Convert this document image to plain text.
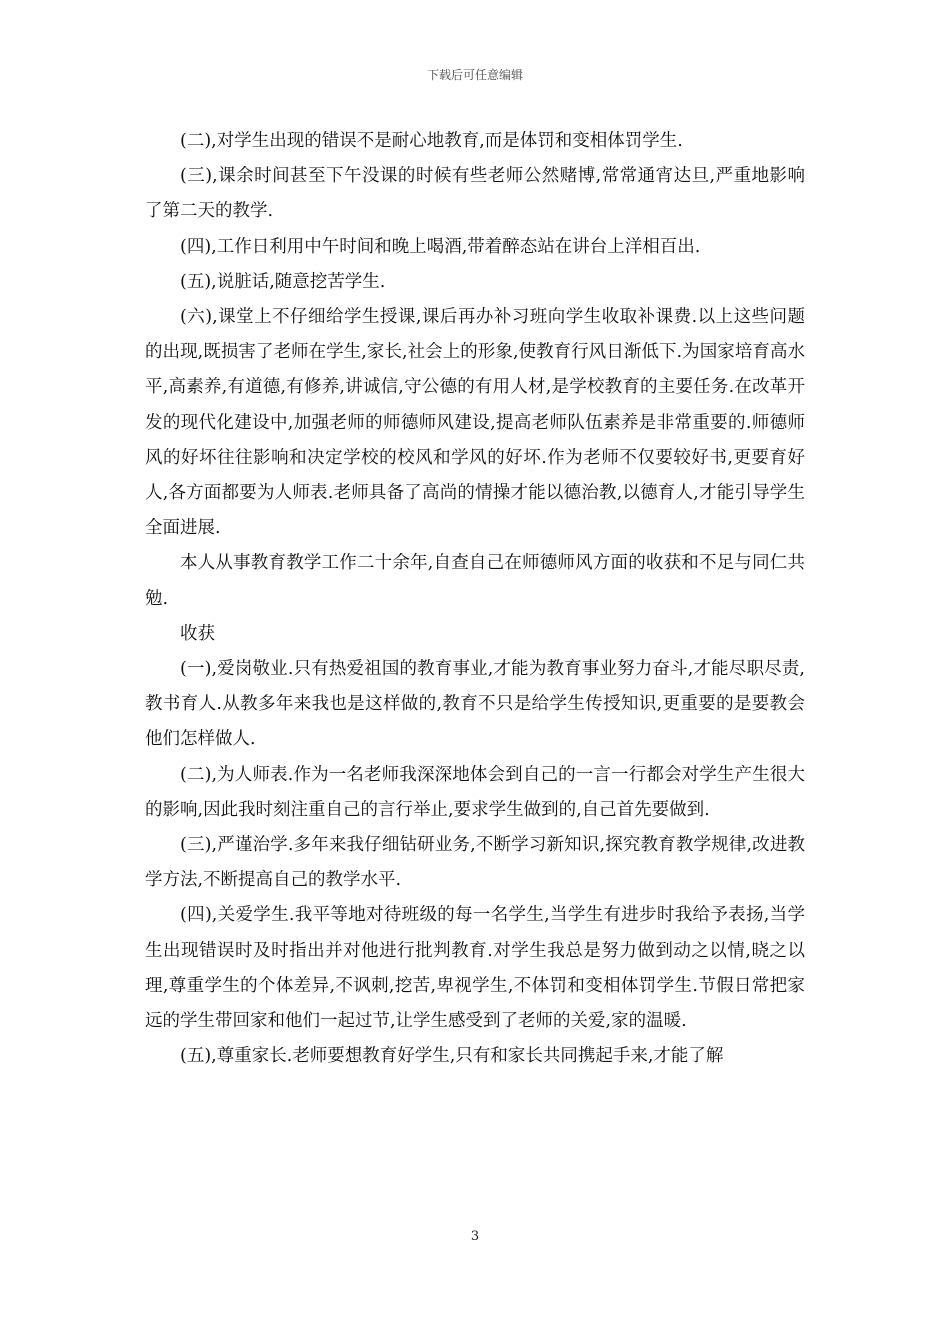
下载后可任意编辑

(二),对学生出现的错误不是耐心地教育,而是体罚和变相体罚学生.

(三),课余时间甚至下午没课的时候有些老师公然赌博,常常通宵达旦,严重地影响了第二天的教学.

(四),工作日利用中午时间和晚上喝酒,带着醉态站在讲台上洋相百出.

(五),说脏话,随意挖苦学生.

(六),课堂上不仔细给学生授课,课后再办补习班向学生收取补课费.以上这些问题的出现,既损害了老师在学生,家长,社会上的形象,使教育行风日渐低下.为国家培育高水平,高素养,有道德,有修养,讲诚信,守公德的有用人材,是学校教育的主要任务.在改革开发的现代化建设中,加强老师的师德师风建设,提高老师队伍素养是非常重要的.师德师风的好坏往往影响和决定学校的校风和学风的好坏.作为老师不仅要较好书,更要育好人,各方面都要为人师表.老师具备了高尚的情操才能以德治教,以德育人,才能引导学生全面进展.

本人从事教育教学工作二十余年,自查自己在师德师风方面的收获和不足与同仁共勉.

收获

(一),爱岗敬业.只有热爱祖国的教育事业,才能为教育事业努力奋斗,才能尽职尽责,教书育人.从教多年来我也是这样做的,教育不只是给学生传授知识,更重要的是要教会他们怎样做人.

(二),为人师表.作为一名老师我深深地体会到自己的一言一行都会对学生产生很大的影响,因此我时刻注重自己的言行举止,要求学生做到的,自己首先要做到.

(三),严谨治学.多年来我仔细钻研业务,不断学习新知识,探究教育教学规律,改进教学方法,不断提高自己的教学水平.

(四),关爱学生.我平等地对待班级的每一名学生,当学生有进步时我给予表扬,当学生出现错误时及时指出并对他进行批判教育.对学生我总是努力做到动之以情,晓之以理,尊重学生的个体差异,不讽刺,挖苦,卑视学生,不体罚和变相体罚学生.节假日常把家远的学生带回家和他们一起过节,让学生感受到了老师的关爱,家的温暖.

(五),尊重家长.老师要想教育好学生,只有和家长共同携起手来,才能了解

3
